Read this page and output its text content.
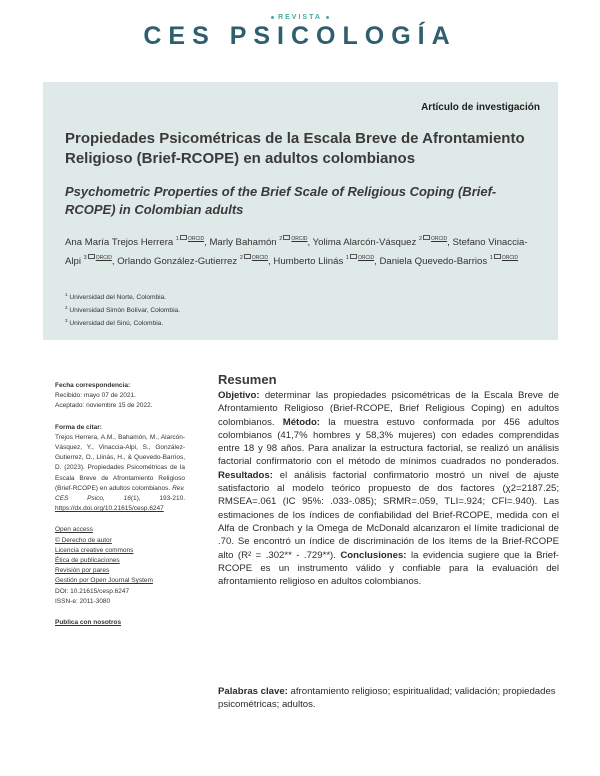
REVISTA
CES PSICOLOGÍA
Artículo de investigación
Propiedades Psicométricas de la Escala Breve de Afrontamiento Religioso (Brief-RCOPE) en adultos colombianos
Psychometric Properties of the Brief Scale of Religious Coping (Brief-RCOPE) in Colombian adults
Ana María Trejos Herrera $^1$ $^{ORCID}$, Marly Bahamón $^2$ $^{ORCID}$, Yolima Alarcón-Vásquez $^2$ $^{ORCID}$, Stefano Vinaccia-Alpi $^3$ $^{ORCID}$, Orlando González-Gutierrez $^2$ $^{ORCID}$, Humberto Llinás $^1$ $^{ORCID}$, Daniela Quevedo-Barrios $^1$ $^{ORCID}$
$^1$ Universidad del Norte, Colombia.
$^2$ Universidad Simón Bolívar, Colombia.
$^3$ Universidad del Sinú, Colombia.
Fecha correspondencia:
Recibido: mayo 07 de 2021.
Aceptado: noviembre 15 de 2022.
Forma de citar:
Trejos Herrera, A.M., Bahamón, M., Alarcón-Vásquez, Y., Vinaccia-Alpi, S., González-Gutierrez, O., Llinás, H., & Quevedo-Barrios, D. (2023). Propiedades Psicométricas de la Escala Breve de Afrontamiento Religioso (Brief-RCOPE) en adultos colombianos. Rev. CES Psico, 16(1), 193-210. https://dx.doi.org/10.21615/cesp.6247
Open access
© Derecho de autor
Licencia creative commons
Ética de publicaciones
Revisión por pares
Gestión por Open Journal System
DOI: 10.21615/cesp.6247
ISSN-e: 2011-3080
Publica con nosotros
Resumen

Objetivo: determinar las propiedades psicométricas de la Escala Breve de Afrontamiento Religioso (Brief-RCOPE, Brief Religious Coping) en adultos colombianos. Método: la muestra estuvo conformada por 456 adultos colombianos (41,7% hombres y 58,3% mujeres) con edades comprendidas entre 18 y 98 años. Para analizar la estructura factorial, se realizó un análisis factorial confirmatorio con el método de mínimos cuadrados no ponderados. Resultados: el análisis factorial confirmatorio mostró un nivel de ajuste satisfactorio al modelo teórico propuesto de dos factores (χ2=2187.25; RMSEA=.061 (IC 95%: .033-.085); SRMR=.059, TLI=.924; CFI=.940). Las estimaciones de los índices de confiabilidad del Brief-RCOPE, medida con el Alfa de Cronbach y la Omega de McDonald alcanzaron el límite tradicional de .70. Se encontró un índice de discriminación de los ítems de la Brief-RCOPE alto (R² = .302** - .729**). Conclusiones: la evidencia sugiere que la Brief-RCOPE es un instrumento válido y confiable para la evaluación del afrontamiento religioso en adultos colombianos.

Palabras clave: afrontamiento religioso; espiritualidad; validación; propiedades psicométricas; adultos.
